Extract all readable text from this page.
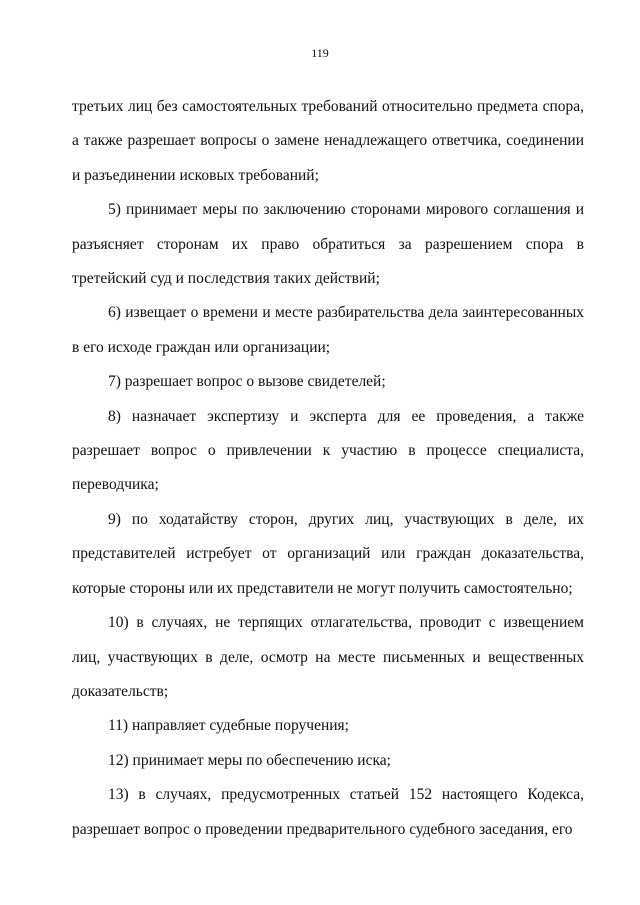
119

третьих лиц без самостоятельных требований относительно предмета спора, а также разрешает вопросы о замене ненадлежащего ответчика, соединении и разъединении исковых требований;

5) принимает меры по заключению сторонами мирового соглашения и разъясняет сторонам их право обратиться за разрешением спора в третейский суд и последствия таких действий;

6) извещает о времени и месте разбирательства дела заинтересованных в его исходе граждан или организации;

7) разрешает вопрос о вызове свидетелей;

8) назначает экспертизу и эксперта для ее проведения, а также разрешает вопрос о привлечении к участию в процессе специалиста, переводчика;

9) по ходатайству сторон, других лиц, участвующих в деле, их представителей истребует от организаций или граждан доказательства, которые стороны или их представители не могут получить самостоятельно;

10) в случаях, не терпящих отлагательства, проводит с извещением лиц, участвующих в деле, осмотр на месте письменных и вещественных доказательств;

11) направляет судебные поручения;

12) принимает меры по обеспечению иска;

13) в случаях, предусмотренных статьей 152 настоящего Кодекса, разрешает вопрос о проведении предварительного судебного заседания, его
